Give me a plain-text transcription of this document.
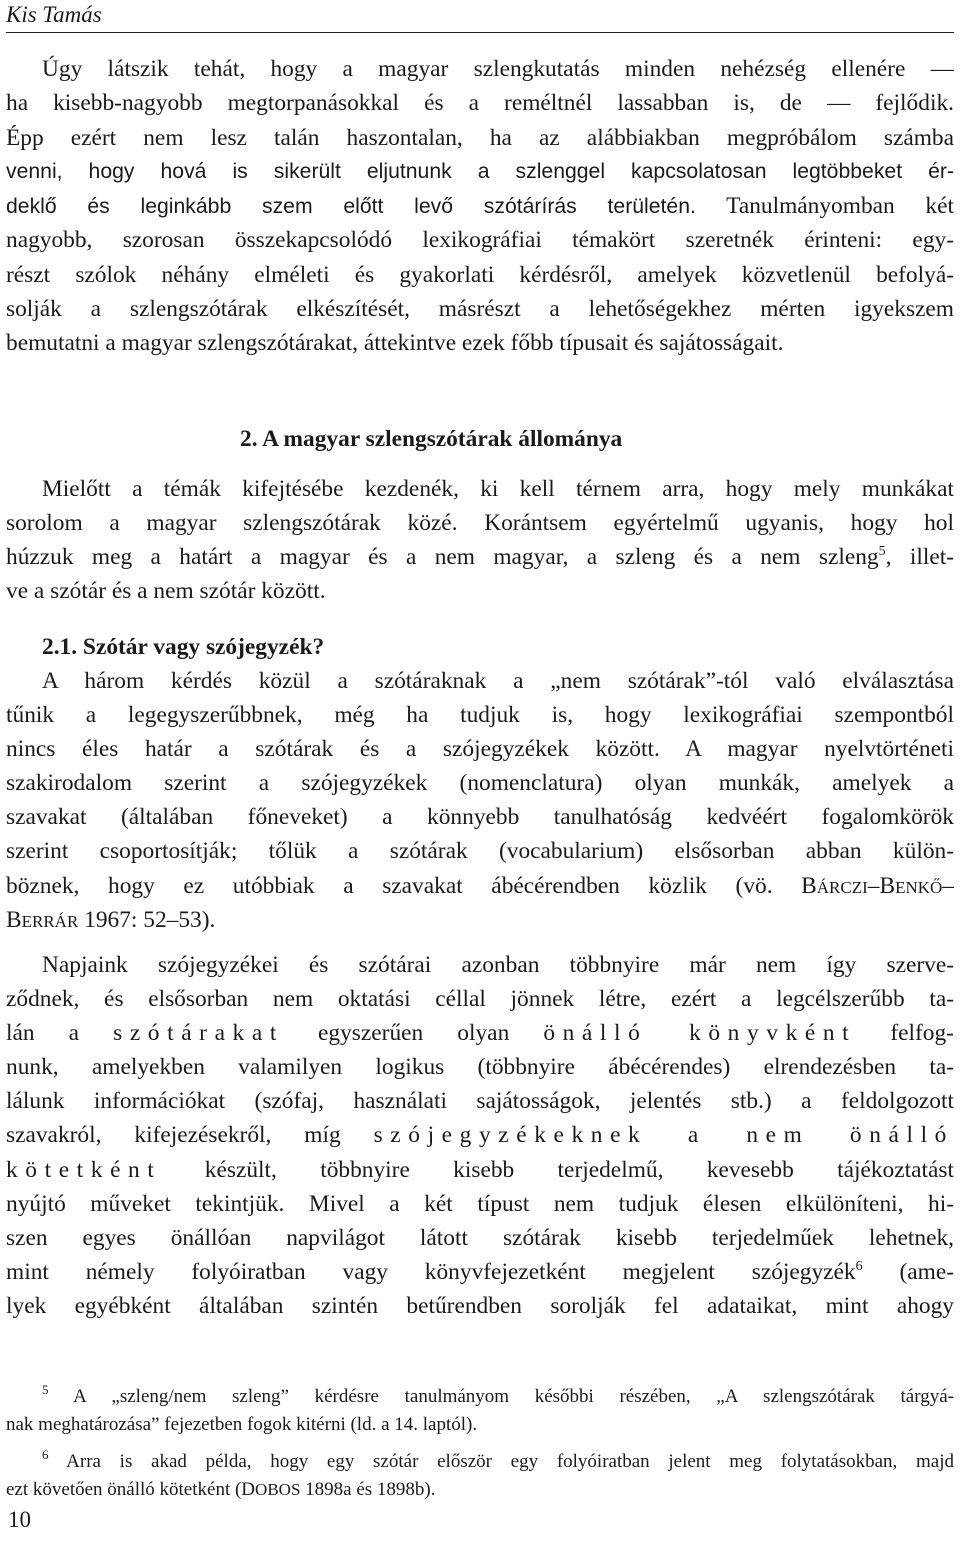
Kis Tamás
Úgy látszik tehát, hogy a magyar szlengkutatás minden nehézség ellenére —
ha kisebb-nagyobb megtorpanásokkal és a reméltnél lassabban is, de — fejlődik.
Épp ezért nem lesz talán haszontalan, ha az alábbiakban megpróbálom számba
venni, hogy hová is sikerült eljutnunk a szlenggel kapcsolatosan legtöbbeket ér-
deklő és leginkább szem előtt levő szótárírás területén. Tanulmányomban két
nagyobb, szorosan összekapcsolódó lexikográfiai témakört szeretnék érinteni: egy-
részt szólok néhány elméleti és gyakorlati kérdésről, amelyek közvetlenül befolyá-
solják a szlengszótárak elkészítését, másrészt a lehetőségekhez mérten igyekszem
bemutatni a magyar szlengszótárakat, áttekintve ezek főbb típusait és sajátosságait.
2. A magyar szlengszótárak állománya
Mielőtt a témák kifejtésébe kezdenék, ki kell térnem arra, hogy mely munkákat
sorolom a magyar szlengszótárak közé. Korántsem egyértelmű ugyanis, hogy hol
húzzuk meg a határt a magyar és a nem magyar, a szleng és a nem szleng$^5$, illet-
ve a szótár és a nem szótár között.
2.1. Szótár vagy szójegyzék?
A három kérdés közül a szótáraknak a „nem szótárak”-tól való elválasztása
tűnik a legegyszerűbbnek, még ha tudjuk is, hogy lexikográfiai szempontból
nincs éles határ a szótárak és a szójegyzékek között. A magyar nyelvtörténeti
szakirodalom szerint a szójegyzékek (nomenclatura) olyan munkák, amelyek a
szavakat (általában főneveket) a könnyebb tanulhatóság kedvéért fogalomkörök
szerint csoportosítják; tőlük a szótárak (vocabularium) elsősorban abban külön-
böznek, hogy ez utóbbiak a szavakat ábécérendben közlik (vö. BÁRCZI–BENKŐ–
BERRÁR 1967: 52–53).
Napjaink szójegyzékei és szótárai azonban többnyire már nem így szerve-
ződnek, és elsősorban nem oktatási céllal jönnek létre, ezért a legcélszerűbb ta-
lán a szótárakat egyszerűen olyan önálló könyvként felfog-
nunk, amelyekben valamilyen logikus (többnyire ábécérendes) elrendezésben ta-
lálunk információkat (szófaj, használati sajátosságok, jelentés stb.) a feldolgozott
szavakról, kifejezésekről, míg szójegyzékeknek a nem önálló
kötetként készült, többnyire kisebb terjedelmű, kevesebb tájékoztatást
nyújtó műveket tekintjük. Mivel a két típust nem tudjuk élesen elkülöníteni, hi-
szen egyes önállóan napvilágot látott szótárak kisebb terjedelműek lehetnek,
mint némely folyóiratban vagy könyvfejezetként megjelent szójegyzék$^6$ (ame-
lyek egyébként általában szintén betűrendben sorolják fel adataikat, mint ahogy
$^5$ A „szleng/nem szleng” kérdésre tanulmányom későbbi részében, „A szlengszótárak tárgyá-
nak meghatározása” fejezetben fogok kitérni (ld. a 14. laptól).
$^6$ Arra is akad példa, hogy egy szótár először egy folyóiratban jelent meg folytatásokban, majd
ezt követően önálló kötetként (DOBOS 1898a és 1898b).
10
